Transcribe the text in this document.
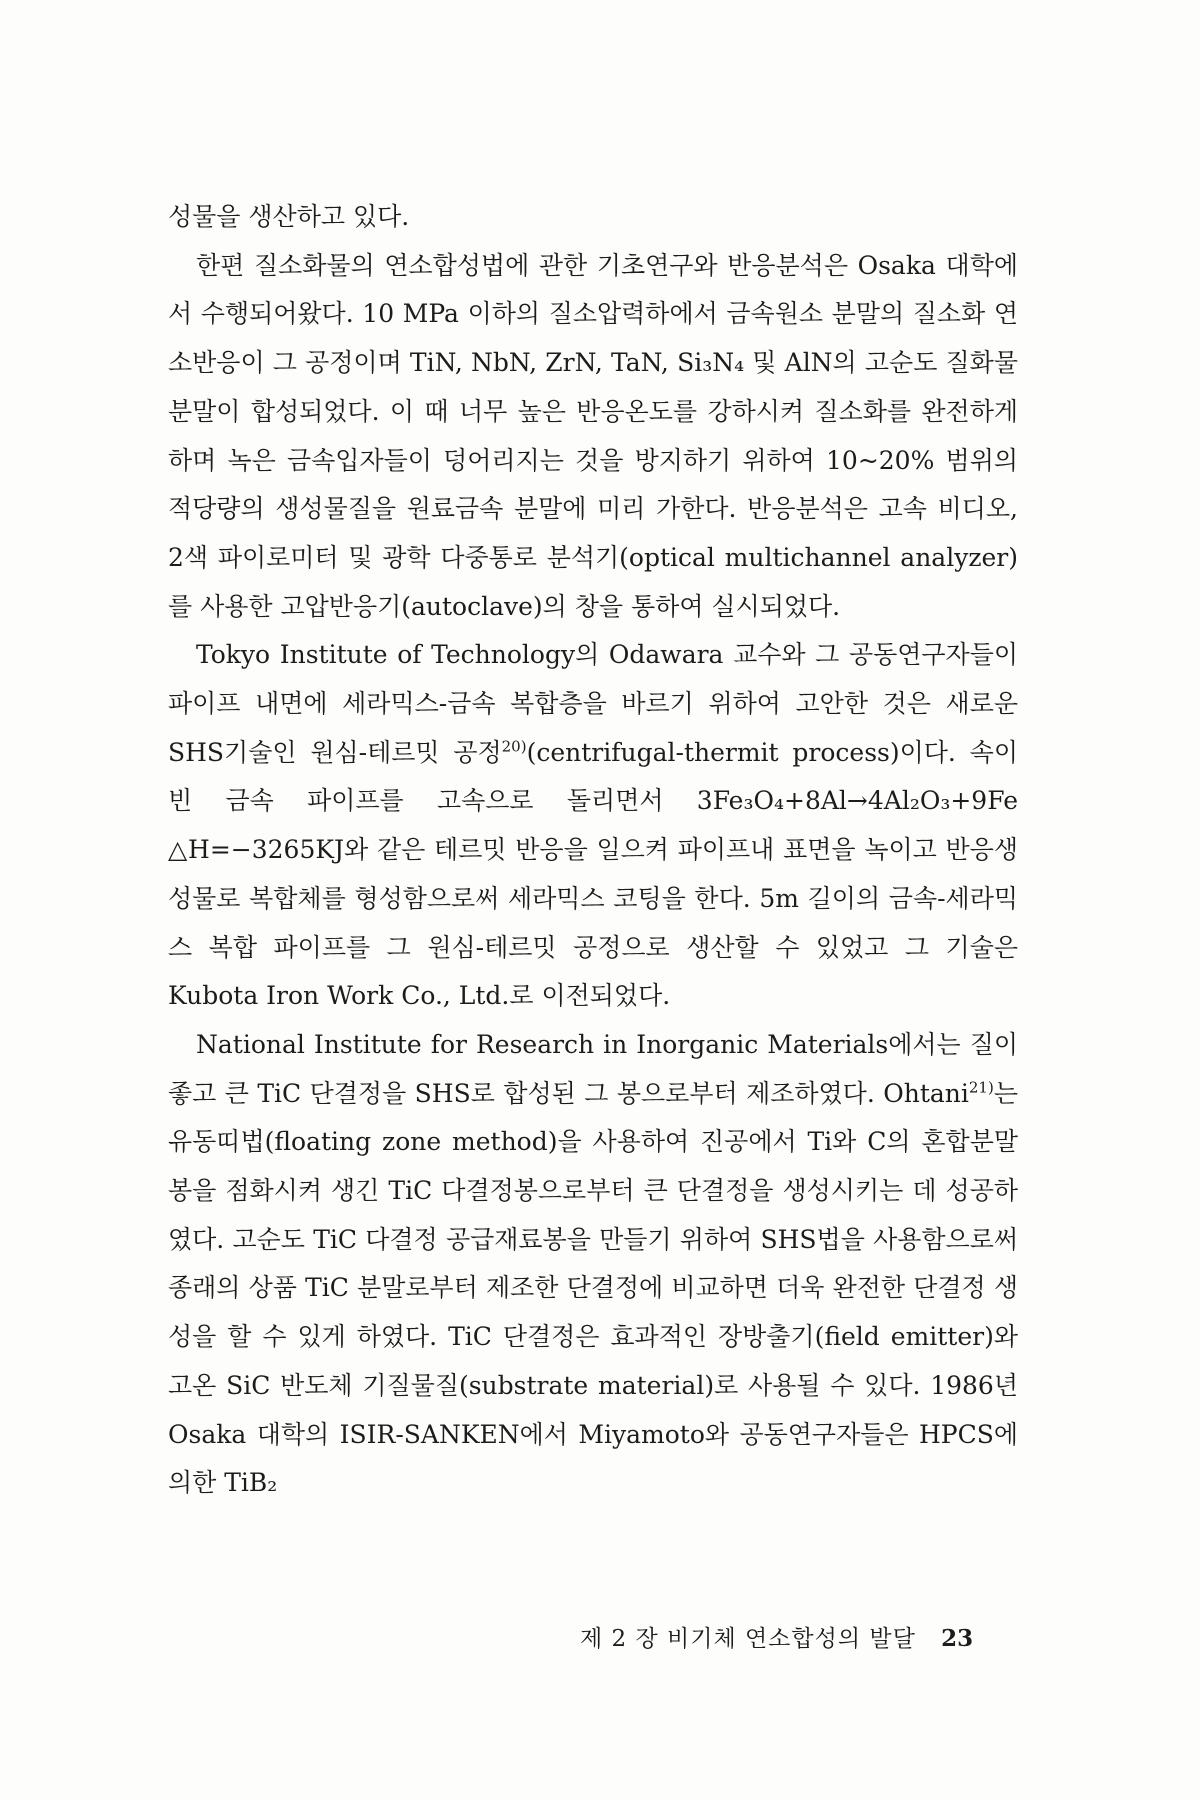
성물을 생산하고 있다.

한편 질소화물의 연소합성법에 관한 기초연구와 반응분석은 Osaka 대학에서 수행되어왔다. 10 MPa 이하의 질소압력하에서 금속원소 분말의 질소화 연소반응이 그 공정이며 TiN, NbN, ZrN, TaN, Si₃N₄ 및 AlN의 고순도 질화물 분말이 합성되었다. 이 때 너무 높은 반응온도를 강하시켜 질소화를 완전하게 하며 녹은 금속입자들이 덩어리지는 것을 방지하기 위하여 10~20% 범위의 적당량의 생성물질을 원료금속 분말에 미리 가한다. 반응분석은 고속 비디오, 2색 파이로미터 및 광학 다중통로 분석기(optical multichannel analyzer)를 사용한 고압반응기(autoclave)의 창을 통하여 실시되었다.

Tokyo Institute of Technology의 Odawara 교수와 그 공동연구자들이 파이프 내면에 세라믹스-금속 복합층을 바르기 위하여 고안한 것은 새로운 SHS기술인 원심-테르밋 공정$^{20)}$(centrifugal-thermit process)이다. 속이 빈 금속 파이프를 고속으로 돌리면서 3Fe₃O₄+8Al→4Al₂O₃+9Fe △H=−3265KJ와 같은 테르밋 반응을 일으켜 파이프내 표면을 녹이고 반응생성물로 복합체를 형성함으로써 세라믹스 코팅을 한다. 5m 길이의 금속-세라믹스 복합 파이프를 그 원심-테르밋 공정으로 생산할 수 있었고 그 기술은 Kubota Iron Work Co., Ltd.로 이전되었다.

National Institute for Research in Inorganic Materials에서는 질이 좋고 큰 TiC 단결정을 SHS로 합성된 그 봉으로부터 제조하였다. Ohtani$^{21)}$는 유동띠법(floating zone method)을 사용하여 진공에서 Ti와 C의 혼합분말봉을 점화시켜 생긴 TiC 다결정봉으로부터 큰 단결정을 생성시키는 데 성공하였다. 고순도 TiC 다결정 공급재료봉을 만들기 위하여 SHS법을 사용함으로써 종래의 상품 TiC 분말로부터 제조한 단결정에 비교하면 더욱 완전한 단결정 생성을 할 수 있게 하였다. TiC 단결정은 효과적인 장방출기(field emitter)와 고온 SiC 반도체 기질물질(substrate material)로 사용될 수 있다. 1986년 Osaka 대학의 ISIR-SANKEN에서 Miyamoto와 공동연구자들은 HPCS에 의한 TiB₂

제 2 장 비기체 연소합성의 발달 23
